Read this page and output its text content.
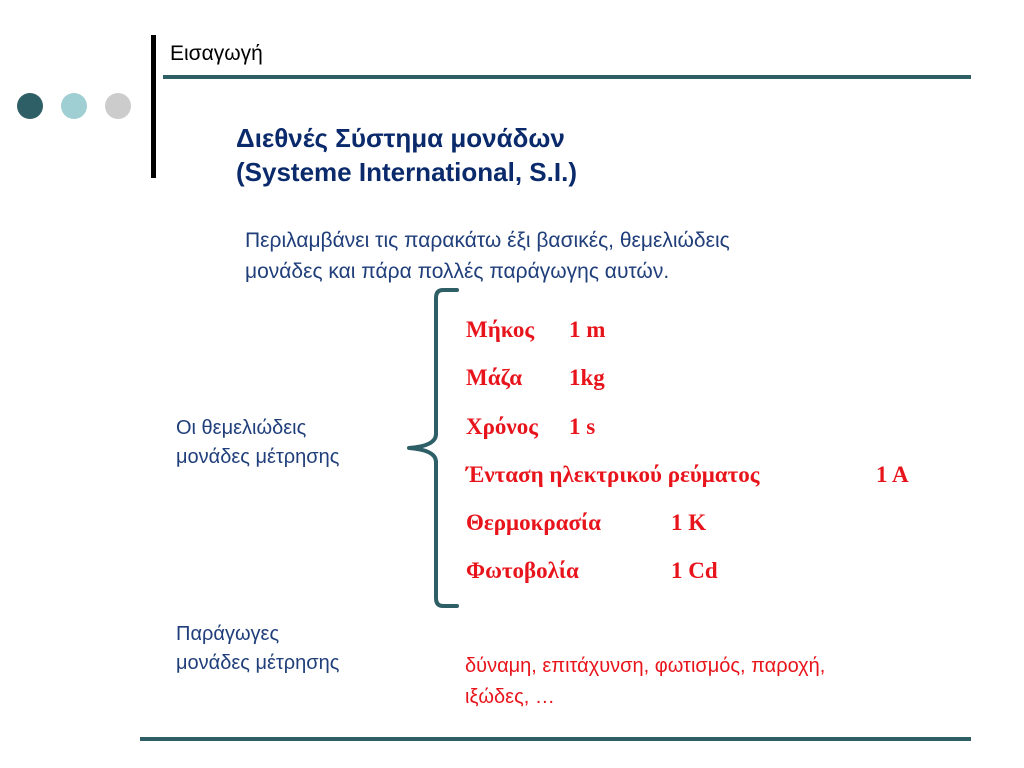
Εισαγωγή
Διεθνές Σύστημα μονάδων
(Systeme International, S.I.)
Περιλαμβάνει τις παρακάτω έξι βασικές, θεμελιώδεις
μονάδες και πάρα πολλές παράγωγης αυτών.
Οι θεμελιώδεις
μονάδες μέτρησης
Μήκος 1 m
Μάζα 1kg
Χρόνος 1 s
Ένταση ηλεκτρικού ρεύματος	1 A
Θερμοκρασία	1 K
Φωτοβολία	1 Cd
Παράγωγες
μονάδες μέτρησης	δύναμη, επιτάχυνση, φωτισμός, παροχή,
ιξώδες, …
